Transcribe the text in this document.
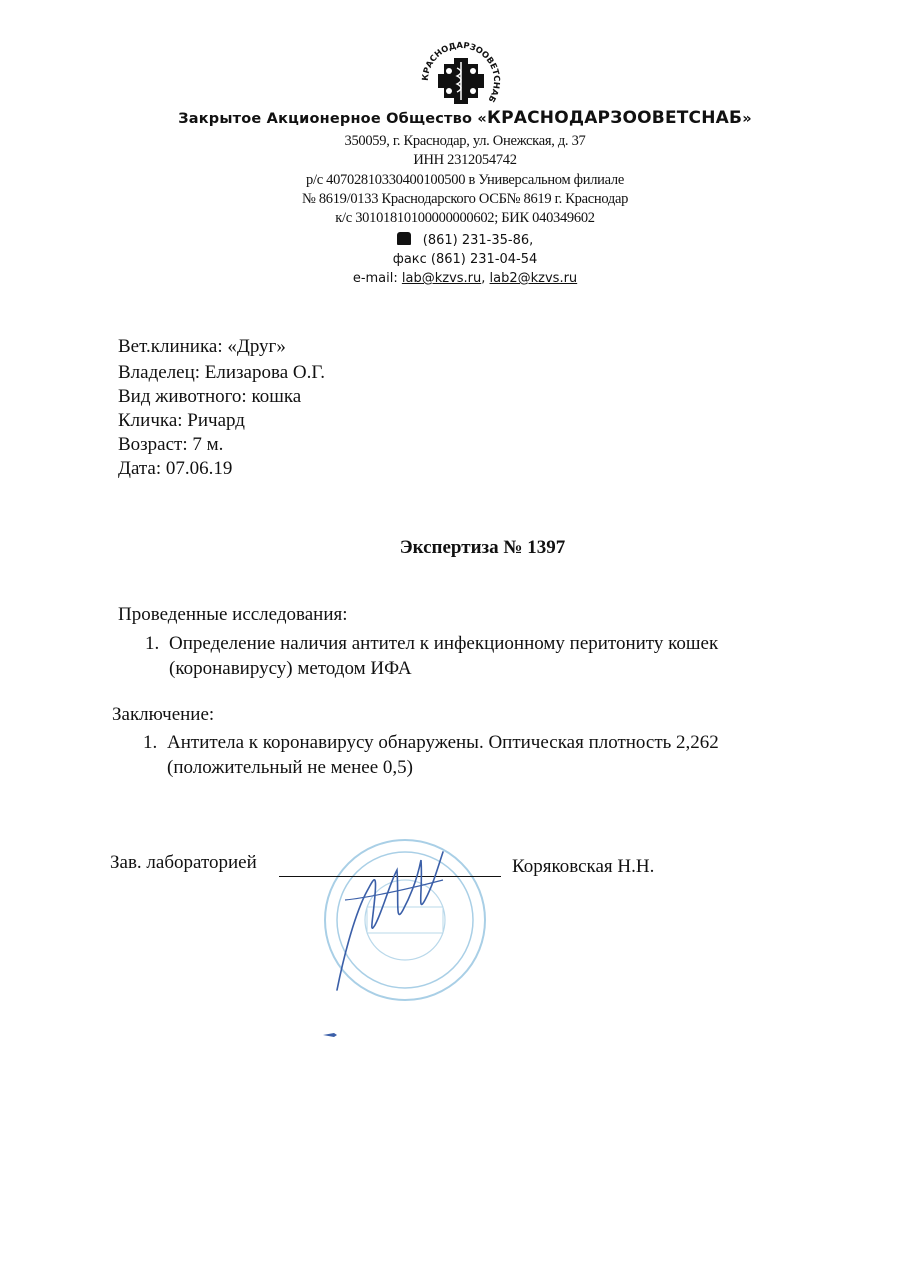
КРАСНОДАРЗООВЕТСНАБ
Закрытое Акционерное Общество «КРАСНОДАРЗООВЕТСНАБ»
350059, г. Краснодар, ул. Онежская, д. 37
ИНН 2312054742
р/с 40702810330400100500 в Универсальном филиале
№ 8619/0133 Краснодарского ОСБ№ 8619 г. Краснодар
к/с 30101810100000000602; БИК 040349602
(861) 231-35-86,
факс (861) 231-04-54
e-mail: lab@kzvs.ru, lab2@kzvs.ru
Вет.клиника: «Друг»
Владелец: Елизарова О.Г.
Вид животного: кошка
Кличка: Ричард
Возраст: 7 м.
Дата: 07.06.19
Экспертиза № 1397
Проведенные исследования:
1. Определение наличия антител к инфекционному перитониту кошек
(коронавирусу) методом ИФА
Заключение:
1. Антитела к коронавирусу обнаружены. Оптическая плотность 2,262
(положительный не менее 0,5)
Зав. лабораторией	Коряковская Н.Н.
